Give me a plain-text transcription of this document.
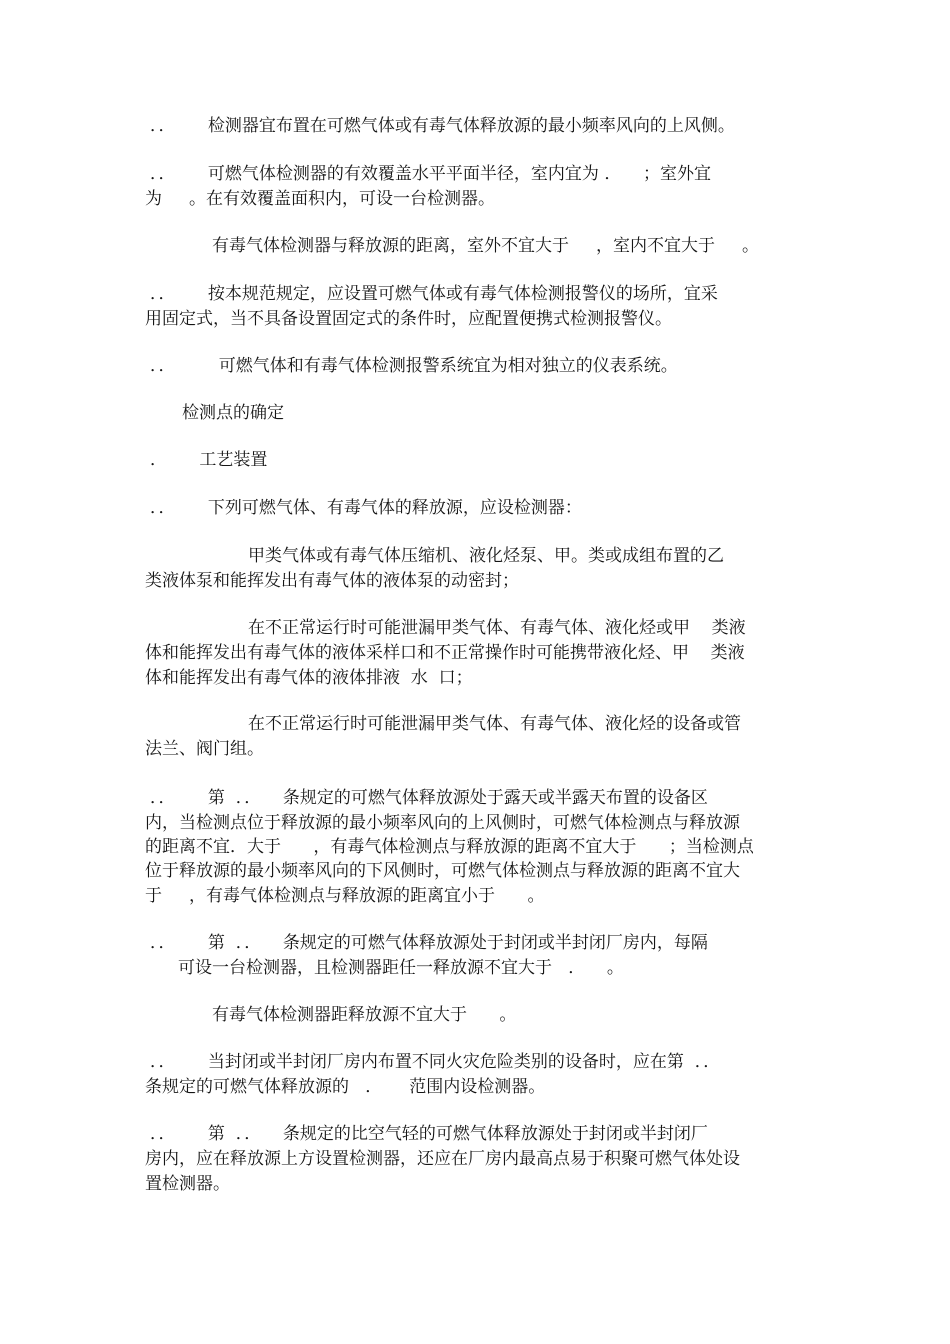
．．      检测器宜布置在可燃气体或有毒气体释放源的最小频率风向的上风侧。
．．      可燃气体检测器的有效覆盖水平平面半径，室内宜为 ．    ；室外宜
为     。在有效覆盖面积内，可设一台检测器。
有毒气体检测器与释放源的距离，室外不宜大于     ，室内不宜大于     。
．．      按本规范规定，应设置可燃气体或有毒气体检测报警仪的场所，宜采
用固定式，当不具备设置固定式的条件时，应配置便携式检测报警仪。
．．        可燃气体和有毒气体检测报警系统宜为相对独立的仪表系统。
检测点的确定
．      工艺装置
．．      下列可燃气体、有毒气体的释放源，应设检测器：
甲类气体或有毒气体压缩机、液化烃泵、甲。类或成组布置的乙
类液体泵和能挥发出有毒气体的液体泵的动密封；
在不正常运行时可能泄漏甲类气体、有毒气体、液化烃或甲    类液
体和能挥发出有毒气体的液体采样口和不正常操作时可能携带液化烃、甲    类液
体和能挥发出有毒气体的液体排液  水  口；
在不正常运行时可能泄漏甲类气体、有毒气体、液化烃的设备或管
法兰、阀门组。
．．      第  ．．    条规定的可燃气体释放源处于露天或半露天布置的设备区
内，当检测点位于释放源的最小频率风向的上风侧时，可燃气体检测点与释放源
的距离不宜．大于      ，有毒气体检测点与释放源的距离不宜大于      ；当检测点
位于释放源的最小频率风向的下风侧时，可燃气体检测点与释放源的距离不宜大
于     ，有毒气体检测点与释放源的距离宜小于      。
．．      第  ．．    条规定的可燃气体释放源处于封闭或半封闭厂房内，每隔
可设一台检测器，且检测器距任一释放源不宜大于   ．    。
有毒气体检测器距释放源不宜大于      。
．．      当封闭或半封闭厂房内布置不同火灾危险类别的设备时，应在第  ．．
条规定的可燃气体释放源的   ．     范围内设检测器。
．．      第  ．．    条规定的比空气轻的可燃气体释放源处于封闭或半封闭厂
房内，应在释放源上方设置检测器，还应在厂房内最高点易于积聚可燃气体处设
置检测器。
